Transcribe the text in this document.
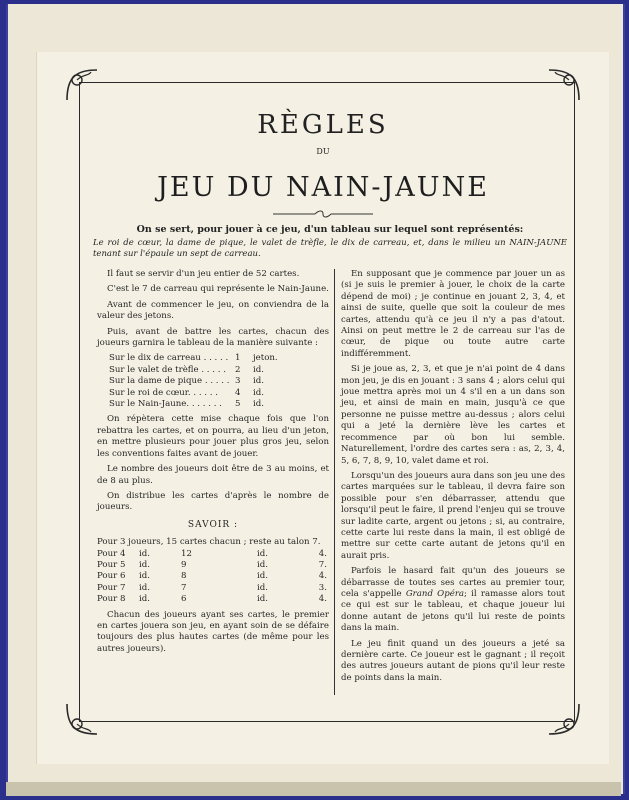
RÈGLES
DU
JEU DU NAIN-JAUNE
On se sert, pour jouer à ce jeu, d'un tableau sur lequel sont représentés:
Le roi de cœur, la dame de pique, le valet de trèfle, le dix de carreau, et, dans le milieu un NAIN-JAUNE tenant sur l'épaule un sept de carreau.

Il faut se servir d'un jeu entier de 52 cartes.

C'est le 7 de carreau qui représente le Nain-Jaune.

Avant de commencer le jeu, on conviendra de la valeur des jetons.

Puis, avant de battre les cartes, chacun des joueurs garnira le tableau de la manière suivante :

Sur le dix de carreau . . . . . 1	jeton.
Sur le valet de trèfle . . . . .	2	id.
Sur la dame de pique . . . . . 3	id.
Sur le roi de cœur. . . . . .	4	id.
Sur le Nain-Jaune. . . . . . .	5	id.

On répètera cette mise chaque fois que l'on rebattra les cartes, et on pourra, au lieu d'un jeton, en mettre plusieurs pour jouer plus gros jeu, selon les conventions faites avant de jouer.

Le nombre des joueurs doit être de 3 au moins, et de 8 au plus.

On distribue les cartes d'après le nombre de joueurs.

SAVOIR :
Pour 3 joueurs, 15 cartes chacun ; reste au talon 7.
Pour 4	id.	12	id.	4.
Pour 5	id.	9	id.	7.
Pour 6	id.	8	id.	4.
Pour 7	id.	7	id.	3.
Pour 8	id.	6	id.	4.

Chacun des joueurs ayant ses cartes, le premier en cartes jouera son jeu, en ayant soin de se défaire toujours des plus hautes cartes (de même pour les autres joueurs).

En supposant que je commence par jouer un as (si je suis le premier à jouer, le choix de la carte dépend de moi) ; je continue en jouant 2, 3, 4, et ainsi de suite, quelle que soit la couleur de mes cartes, attendu qu'à ce jeu il n'y a pas d'atout. Ainsi on peut mettre le 2 de carreau sur l'as de cœur, de pique ou toute autre carte indifféremment.

Si je joue as, 2, 3, et que je n'ai point de 4 dans mon jeu, je dis en jouant : 3 sans 4 ; alors celui qui joue mettra après moi un 4 s'il en a un dans son jeu, et ainsi de main en main, jusqu'à ce que personne ne puisse mettre au-dessus ; alors celui qui a jeté la dernière lève les cartes et recommence par où bon lui semble. Naturellement, l'ordre des cartes sera : as, 2, 3, 4, 5, 6, 7, 8, 9, 10, valet dame et roi.

Lorsqu'un des joueurs aura dans son jeu une des cartes marquées sur le tableau, il devra faire son possible pour s'en débarrasser, attendu que lorsqu'il peut le faire, il prend l'enjeu qui se trouve sur ladite carte, argent ou jetons ; si, au contraire, cette carte lui reste dans la main, il est obligé de mettre sur cette carte autant de jetons qu'il en aurait pris.

Parfois le hasard fait qu'un des joueurs se débarrasse de toutes ses cartes au premier tour, cela s'appelle Grand Opéra; il ramasse alors tout ce qui est sur le tableau, et chaque joueur lui donne autant de jetons qu'il lui reste de points dans la main.

Le jeu finit quand un des joueurs a jeté sa dernière carte. Ce joueur est le gagnant ; il reçoit des autres joueurs autant de pions qu'il leur reste de points dans la main.
